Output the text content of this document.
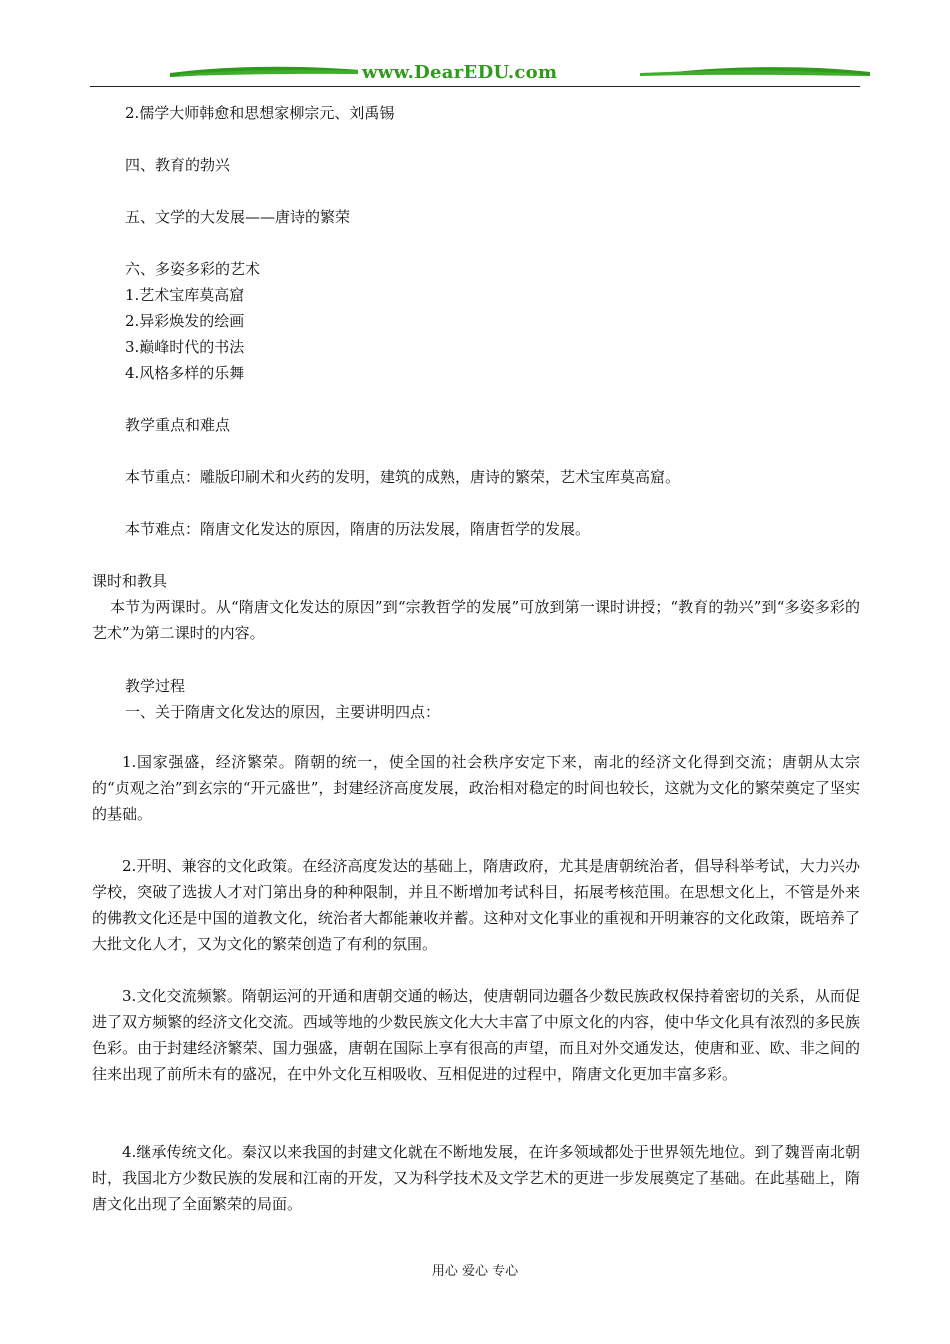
www.DearEDU.com
2.儒学大师韩愈和思想家柳宗元、刘禹锡
四、教育的勃兴
五、文学的大发展——唐诗的繁荣
六、多姿多彩的艺术
1.艺术宝库莫高窟
2.异彩焕发的绘画
3.巅峰时代的书法
4.风格多样的乐舞
教学重点和难点
本节重点：雕版印刷术和火药的发明，建筑的成熟，唐诗的繁荣，艺术宝库莫高窟。
本节难点：隋唐文化发达的原因，隋唐的历法发展，隋唐哲学的发展。
课时和教具
本节为两课时。从“隋唐文化发达的原因”到“宗教哲学的发展”可放到第一课时讲授；“教育的勃兴”到“多姿多彩的艺术”为第二课时的内容。
教学过程
一、关于隋唐文化发达的原因，主要讲明四点：
1.国家强盛，经济繁荣。隋朝的统一，使全国的社会秩序安定下来，南北的经济文化得到交流；唐朝从太宗的“贞观之治”到玄宗的“开元盛世”，封建经济高度发展，政治相对稳定的时间也较长，这就为文化的繁荣奠定了坚实的基础。
2.开明、兼容的文化政策。在经济高度发达的基础上，隋唐政府，尤其是唐朝统治者，倡导科举考试，大力兴办学校，突破了选拔人才对门第出身的种种限制，并且不断增加考试科目，拓展考核范围。在思想文化上，不管是外来的佛教文化还是中国的道教文化，统治者大都能兼收并蓄。这种对文化事业的重视和开明兼容的文化政策，既培养了大批文化人才，又为文化的繁荣创造了有利的氛围。
3.文化交流频繁。隋朝运河的开通和唐朝交通的畅达，使唐朝同边疆各少数民族政权保持着密切的关系，从而促进了双方频繁的经济文化交流。西域等地的少数民族文化大大丰富了中原文化的内容，使中华文化具有浓烈的多民族色彩。由于封建经济繁荣、国力强盛，唐朝在国际上享有很高的声望，而且对外交通发达，使唐和亚、欧、非之间的往来出现了前所未有的盛况，在中外文化互相吸收、互相促进的过程中，隋唐文化更加丰富多彩。
4.继承传统文化。秦汉以来我国的封建文化就在不断地发展，在许多领域都处于世界领先地位。到了魏晋南北朝时，我国北方少数民族的发展和江南的开发，又为科学技术及文学艺术的更进一步发展奠定了基础。在此基础上，隋唐文化出现了全面繁荣的局面。
用心 爱心 专心
